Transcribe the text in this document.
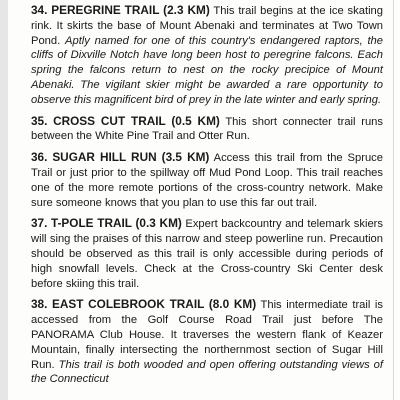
34. PEREGRINE TRAIL (2.3 KM) This trail begins at the ice skating rink. It skirts the base of Mount Abenaki and terminates at Two Town Pond. Aptly named for one of this country's endangered raptors, the cliffs of Dixville Notch have long been host to peregrine falcons. Each spring the falcons return to nest on the rocky precipice of Mount Abenaki. The vigilant skier might be awarded a rare opportunity to observe this magnificent bird of prey in the late winter and early spring.

35. CROSS CUT TRAIL (0.5 KM) This short connecter trail runs between the White Pine Trail and Otter Run.

36. SUGAR HILL RUN (3.5 KM) Access this trail from the Spruce Trail or just prior to the spillway off Mud Pond Loop. This trail reaches one of the more remote portions of the cross-country network. Make sure someone knows that you plan to use this far out trail.

37. T-POLE TRAIL (0.3 KM) Expert backcountry and telemark skiers will sing the praises of this narrow and steep powerline run. Precaution should be observed as this trail is only accessible during periods of high snowfall levels. Check at the Cross-country Ski Center desk before skiing this trail.

38. EAST COLEBROOK TRAIL (8.0 KM) This intermediate trail is accessed from the Golf Course Road Trail just before The PANORAMA Club House. It traverses the western flank of Keazer Mountain, finally intersecting the northernmost section of Sugar Hill Run. This trail is both wooded and open offering outstanding views of the Connecticut
